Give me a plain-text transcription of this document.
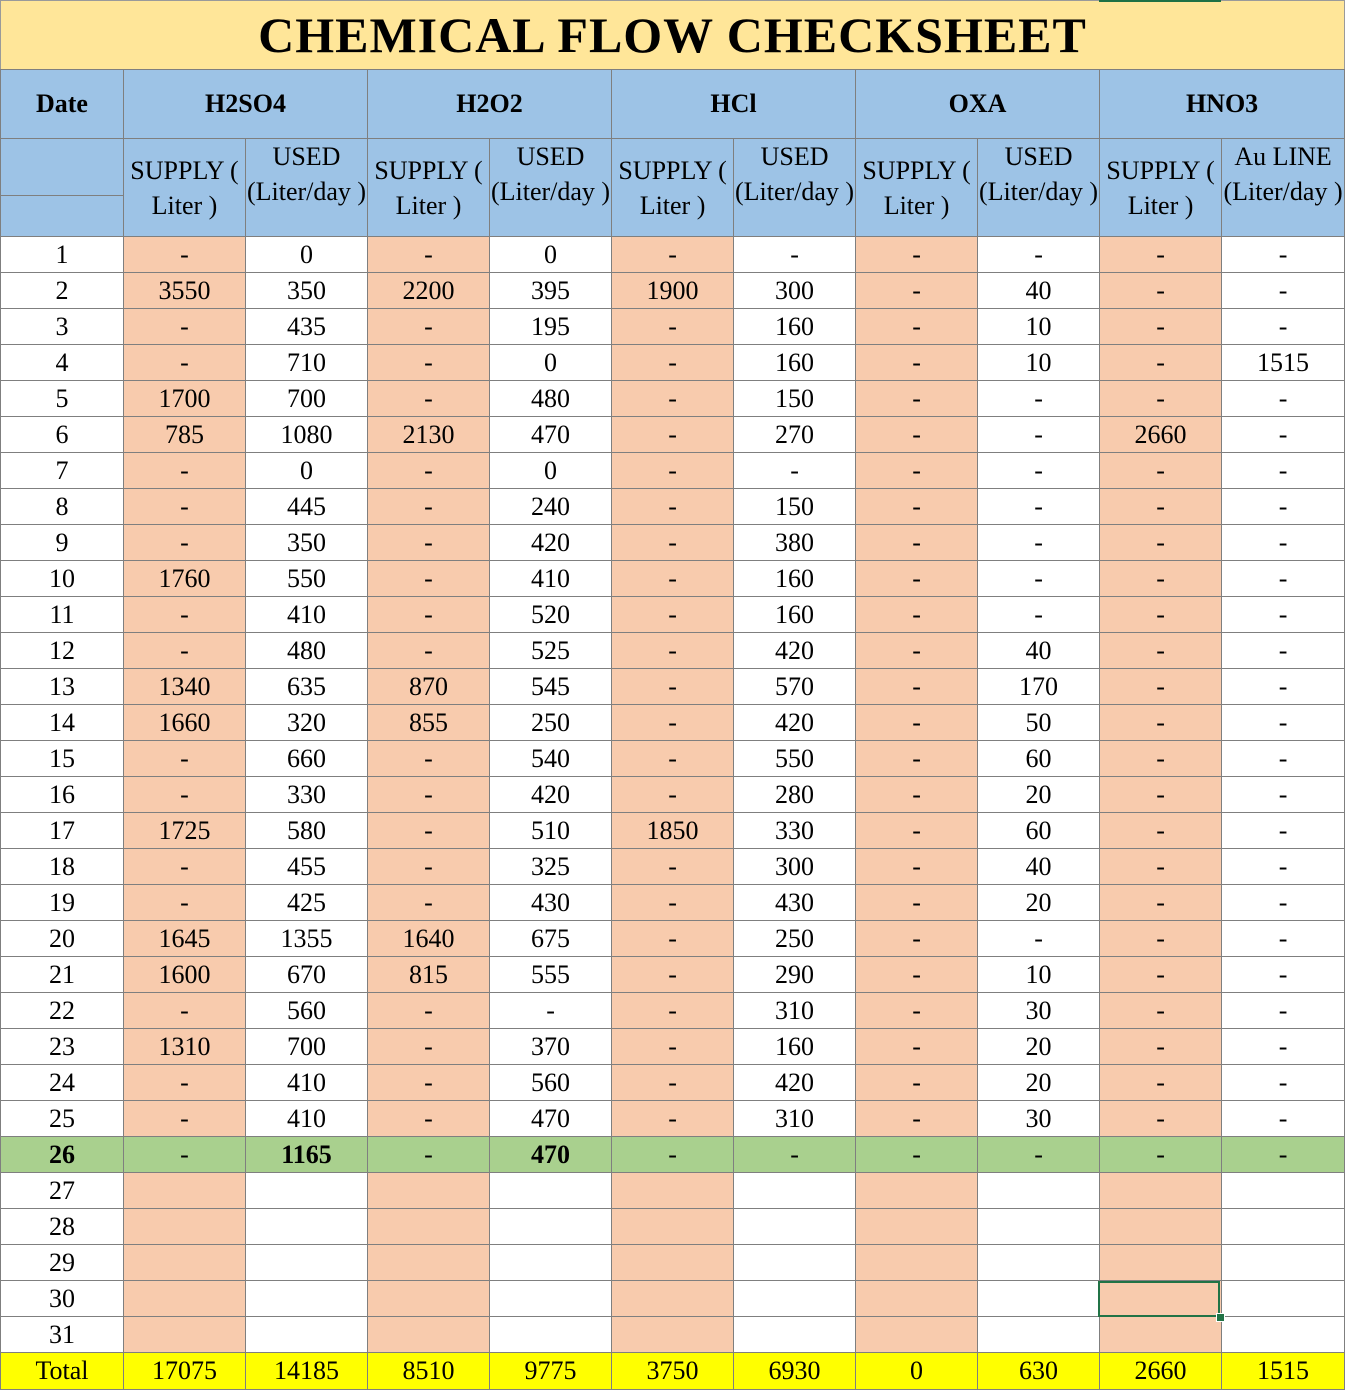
CHEMICAL FLOW CHECKSHEET
Date	H2SO4		H2O2		HCl		OXA		HNO3	
	SUPPLY ( Liter )	USED (Liter/day )	SUPPLY ( Liter )	USED (Liter/day )	SUPPLY ( Liter )	USED (Liter/day )	SUPPLY ( Liter )	USED (Liter/day )	SUPPLY ( Liter )	Au LINE (Liter/day )

1	-	0	-	0	-	-	-	-	-	-
2	3550	350	2200	395	1900	300	-	40	-	-
3	-	435	-	195	-	160	-	10	-	-
4	-	710	-	0	-	160	-	10	-	1515
5	1700	700	-	480	-	150	-	-	-	-
6	785	1080	2130	470	-	270	-	-	2660	-
7	-	0	-	0	-	-	-	-	-	-
8	-	445	-	240	-	150	-	-	-	-
9	-	350	-	420	-	380	-	-	-	-
10	1760	550	-	410	-	160	-	-	-	-
11	-	410	-	520	-	160	-	-	-	-
12	-	480	-	525	-	420	-	40	-	-
13	1340	635	870	545	-	570	-	170	-	-
14	1660	320	855	250	-	420	-	50	-	-
15	-	660	-	540	-	550	-	60	-	-
16	-	330	-	420	-	280	-	20	-	-
17	1725	580	-	510	1850	330	-	60	-	-
18	-	455	-	325	-	300	-	40	-	-
19	-	425	-	430	-	430	-	20	-	-
20	1645	1355	1640	675	-	250	-	-	-	-
21	1600	670	815	555	-	290	-	10	-	-
22	-	560	-	-	-	310	-	30	-	-
23	1310	700	-	370	-	160	-	20	-	-
24	-	410	-	560	-	420	-	20	-	-
25	-	410	-	470	-	310	-	30	-	-
26	-	1165	-	470	-	-	-	-	-	-
27										
28										
29										
30										
31										
Total	17075	14185	8510	9775	3750	6930	0	630	2660	1515
